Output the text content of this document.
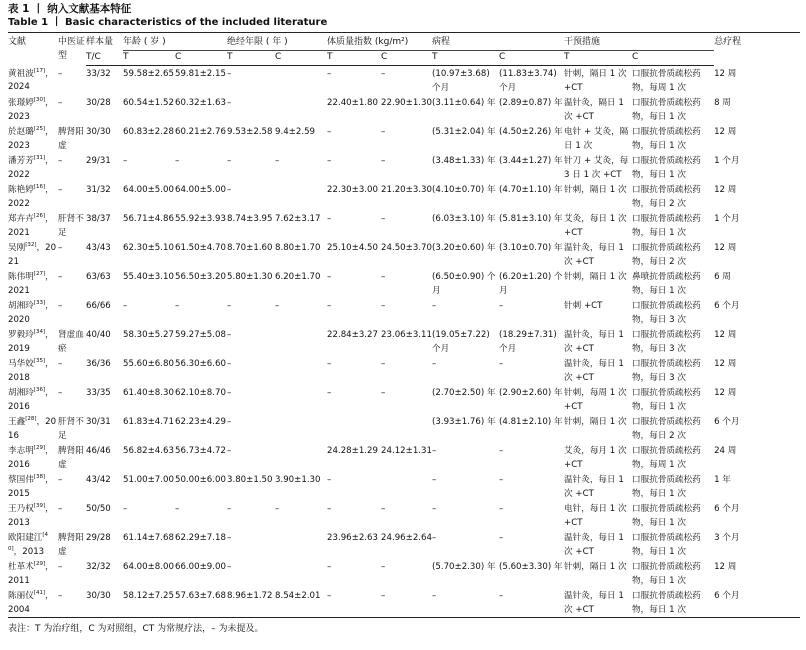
表 1 丨 纳入文献基本特征
Table 1 丨 Basic characteristics of the included literature
文献	中医证型	样本量	年龄 ( 岁 )		绝经年限 ( 年 )		体质量指数 (kg/m²)		病程		干预措施		总疗程
		T/C	T	C	T	C	T	C	T	C	T	C	
黄祖波[17]，2024	–	33/32	59.58±2.65	59.81±2.15	–		–	–	(10.97±3.68) 个月	(11.83±3.74) 个月	针刺，隔日 1 次 +CT	口服抗骨质疏松药物，每周 1 次	12 周
张璟婷[30]，2023	–	30/28	60.54±1.52	60.32±1.63	–		22.40±1.80	22.90±1.30	(3.11±0.64) 年	(2.89±0.87) 年	温针灸，隔日 1 次 +CT	口服抗骨质疏松药物，每日 1 次	8 周
於赵璐[25]，2023	脾肾阳虚	30/30	60.83±2.28	60.21±2.76	9.53±2.58	9.4±2.59	–	–	(5.31±2.04) 年	(4.50±2.26) 年	电针 + 艾灸，隔日 1 次	口服抗骨质疏松药物，每日 1 次	12 周
潘芳芳[31]，2022	–	29/31	–	–	–	–	–	–	(3.48±1.33) 年	(3.44±1.27) 年	针刀 + 艾灸，每 3 日 1 次 +CT	口服抗骨质疏松药物，每日 1 次	1 个月
陈艳婷[16]，2022	–	31/32	64.00±5.00	64.00±5.00	–		22.30±3.00	21.20±3.30	(4.10±0.70) 年	(4.70±1.10) 年	针刺，隔日 1 次	口服抗骨质疏松药物，每日 2 次	12 周
郑卉卉[26]，2021	肝肾不足	38/37	56.71±4.86	55.92±3.93	8.74±3.95	7.62±3.17	–	–	(6.03±3.10) 年	(5.81±3.10) 年	艾灸，每日 1 次 +CT	口服抗骨质疏松药物，每日 1 次	1 个月
吴刚[32]，2021	–	43/43	62.30±5.10	61.50±4.70	8.70±1.60	8.80±1.70	25.10±4.50	24.50±3.70	(3.20±0.60) 年	(3.10±0.70) 年	温针灸，每日 1 次 +CT	口服抗骨质疏松药物，每日 2 次	12 周
陈伟明[27]，2021	–	63/63	55.40±3.10	56.50±3.20	5.80±1.30	6.20±1.70	–	–	(6.50±0.90) 个月	(6.20±1.20) 个月	针刺，隔日 1 次	鼻喷抗骨质疏松药物，每日 1 次	6 周
胡湘玲[33]，2020	–	66/66	–	–	–	–	–	–	–	–	针刺 +CT	口服抗骨质疏松药物，每日 3 次	6 个月
罗毅玲[34]，2019	肾虚血瘀	40/40	58.30±5.27	59.27±5.08	–		22.84±3.27	23.06±3.11	(19.05±7.22) 个月	(18.29±7.31) 个月	温针灸，每日 1 次 +CT	口服抗骨质疏松药物，每日 3 次	12 周
马华姣[35]，2018	–	36/36	55.60±6.80	56.30±6.60	–		–	–	–	–	温针灸，每日 1 次 +CT	口服抗骨质疏松药物，每日 3 次	12 周
胡湘玲[36]，2016	–	33/35	61.40±8.30	62.10±8.70	–		–	–	(2.70±2.50) 年	(2.90±2.60) 年	针刺，每周 1 次 +CT	口服抗骨质疏松药物，每日 1 次	12 周
王鑫[28]，2016	肝肾不足	30/31	61.83±4.71	62.23±4.29	–				(3.93±1.76) 年	(4.81±2.10) 年	针刺，隔日 1 次	口服抗骨质疏松药物，每日 2 次	6 个月
李志明[29]，2016	脾肾阳虚	46/46	56.82±4.63	56.73±4.72	–		24.28±1.29	24.12±1.31	–	–	艾灸，每月 1 次 +CT	口服抗骨质疏松药物，每周 1 次	24 周
蔡国伟[38]，2015	–	43/42	51.00±7.00	50.00±6.00	3.80±1.50	3.90±1.30	–		–	–	温针灸，每日 1 次 +CT	口服抗骨质疏松药物，每日 1 次	1 年
王乃权[39]，2013	–	50/50	–	–	–	–	–	–	–	–	电针，每日 1 次 +CT	口服抗骨质疏松药物，每日 1 次	6 个月
欧阳建江[40]，2013	脾肾阳虚	29/28	61.14±7.68	62.29±7.18	–		23.96±2.63	24.96±2.64	–	–	温针灸，每日 1 次 +CT	口服抗骨质疏松药物，每日 1 次	3 个月
杜革术[29]，2011	–	32/32	64.00±8.00	66.00±9.00	–		–	–	(5.70±2.30) 年	(5.60±3.30) 年	针刺，隔日 1 次	口服抗骨质疏松药物，每日 1 次	12 周
陈丽仪[41]，2004	–	30/30	58.12±7.25	57.63±7.68	8.96±1.72	8.54±2.01	–	–	–	–	温针灸，每日 1 次 +CT	口服抗骨质疏松药物，每日 1 次	6 个月
表注：T 为治疗组，C 为对照组，CT 为常规疗法，– 为未提及。
